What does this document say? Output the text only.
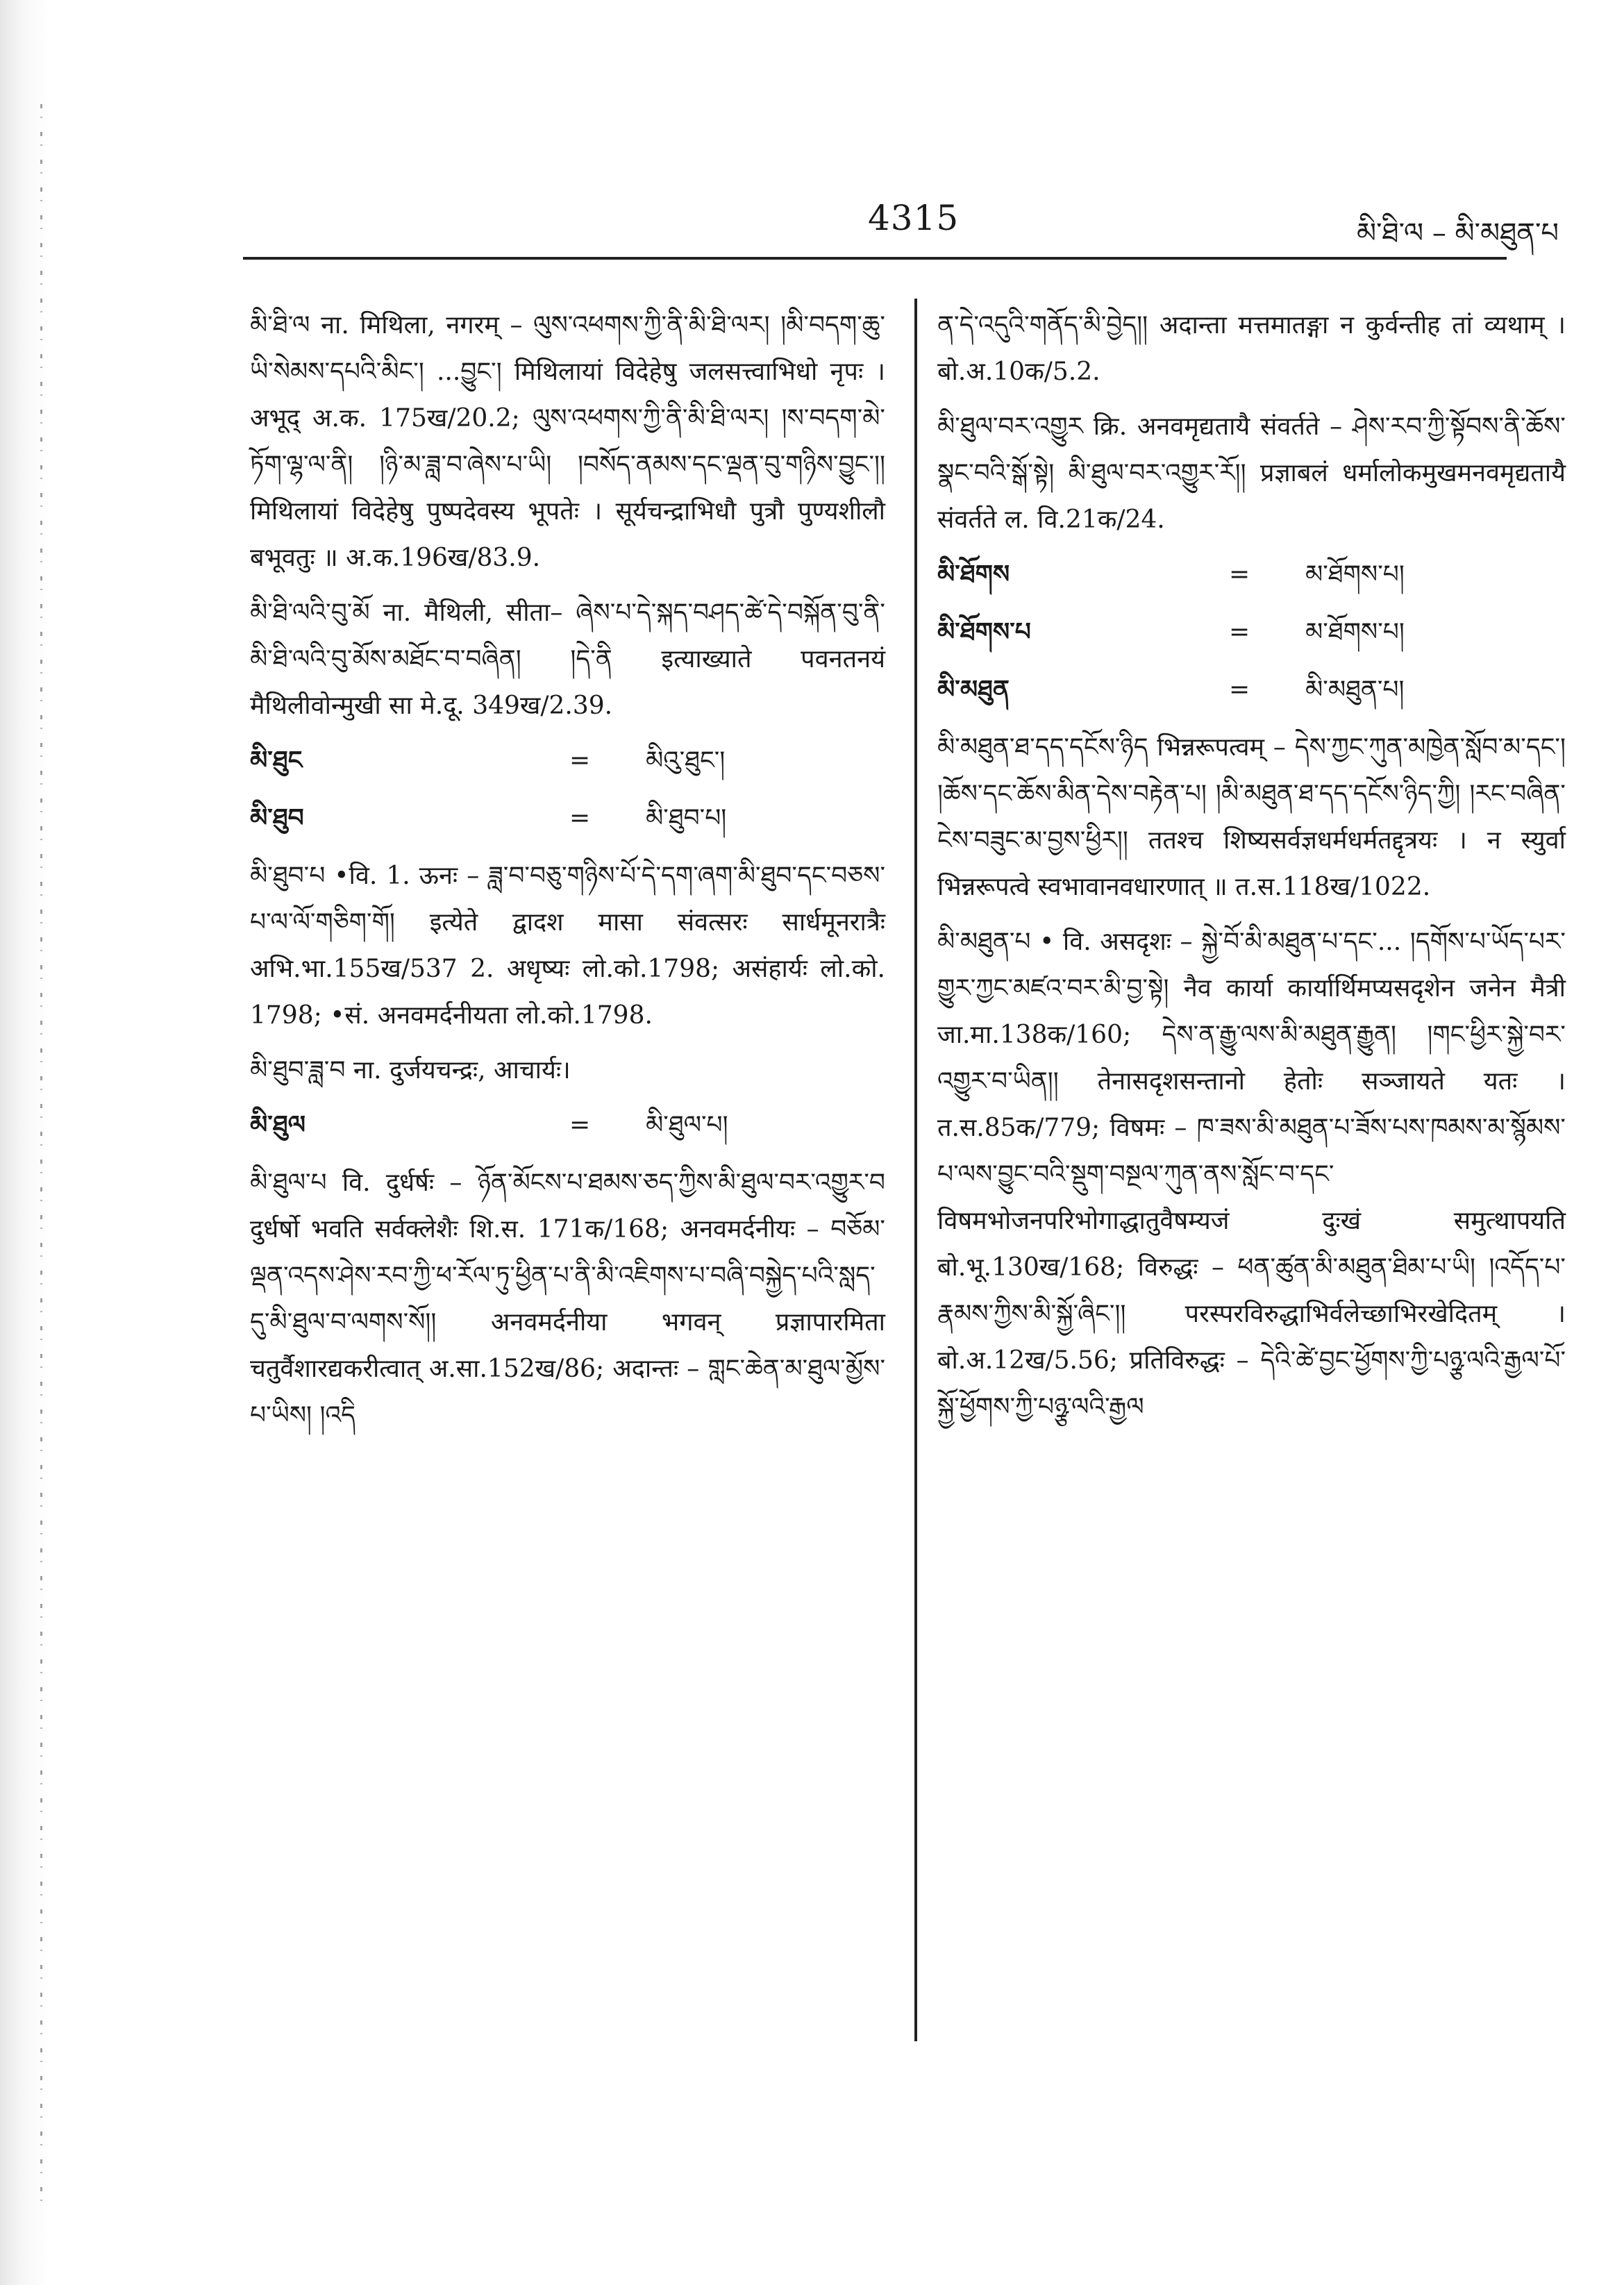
4315	མི་ཐི་ལ – མི་མཐུན་པ

མི་ཐི་ལ ना. मिथिला, नगरम् – ལུས་འཕགས་ཀྱི་ནི་མི་ཐི་ལར། །མི་བདག་ཆུ་ཡི་སེམས་དཔའི་མིང་། ...བྱུང་། मिथिलायां विदेहेषु जलसत्त्वाभिधो नृपः । अभूद् अ.क. 175ख/20.2; ལུས་འཕགས་ཀྱི་ནི་མི་ཐི་ལར། །ས་བདག་མེ་ཏོག་ལྷ་ལ་ནི། །ཉི་མ་ཟླ་བ་ཞེས་པ་ཡི། །བསོད་ནམས་དང་ལྡན་བུ་གཉིས་བྱུང་།། मिथिलायां विदेहेषु पुष्पदेवस्य भूपतेः । सूर्यचन्द्राभिधौ पुत्रौ पुण्यशीलौ बभूवतुः ॥ अ.क.196ख/83.9.

མི་ཐི་ལའི་བུ་མོ ना. मैथिली, सीता– ཞེས་པ་དེ་སྐད་བཤད་ཚེ་དེ་བསྐོན་བུ་ནི་མི་ཐི་ལའི་བུ་མོས་མཐོང་བ་བཞིན། །དེ་ནི इत्याख्याते पवनतनयं मैथिलीवोन्मुखी सा मे.दू. 349ख/2.39.

མི་ཐུང	=	མིའུ་ཐུང་།
མི་ཐུབ	=	མི་ཐུབ་པ།

མི་ཐུབ་པ •वि. 1. ऊनः – ཟླ་བ་བཅུ་གཉིས་པོ་དེ་དག་ཞག་མི་ཐུབ་དང་བཅས་པ་ལ་ལོ་གཅིག་གོ། इत्येते द्वादश मासा संवत्सरः सार्धमूनरात्रैः अभि.भा.155ख/537 2. अधृष्यः लो.को.1798; असंहार्यः लो.को. 1798; •सं. अनवमर्दनीयता लो.को.1798.

མི་ཐུབ་ཟླ་བ ना. दुर्जयचन्द्रः, आचार्यः।

མི་ཐུལ	=	མི་ཐུལ་པ།

མི་ཐུལ་པ वि. दुर्धर्षः – ཉོན་མོངས་པ་ཐམས་ཅད་ཀྱིས་མི་ཐུལ་བར་འགྱུར་བ दुर्धर्षो भवति सर्वक्लेशैः शि.स. 171क/168; अनवमर्दनीयः – བཅོམ་ལྡན་འདས་ཤེས་རབ་ཀྱི་ཕ་རོལ་ཏུ་ཕྱིན་པ་ནི་མི་འཇིགས་པ་བཞི་བསྐྱེད་པའི་སླད་དུ་མི་ཐུལ་བ་ལགས་སོ།། अनवमर्दनीया भगवन् प्रज्ञापारमिता चतुर्वैशारद्यकरीत्वात् अ.सा.152ख/86; अदान्तः – གླང་ཆེན་མ་ཐུལ་མྱོས་པ་ཡིས། །འདི

ན་དེ་འདུའི་གནོད་མི་བྱེད།། अदान्ता मत्तमातङ्गा न कुर्वन्तीह तां व्यथाम् । बो.अ.10क/5.2.

མི་ཐུལ་བར་འགྱུར क्रि. अनवमृद्यतायै संवर्तते – ཤེས་རབ་ཀྱི་སྟོབས་ནི་ཆོས་སྣང་བའི་སྒོ་སྟེ། མི་ཐུལ་བར་འགྱུར་རོ།། प्रज्ञाबलं धर्मालोकमुखमनवमृद्यतायै संवर्तते ल. वि.21क/24.

མི་ཐོགས	=	མ་ཐོགས་པ།
མི་ཐོགས་པ	=	མ་ཐོགས་པ།
མི་མཐུན	=	མི་མཐུན་པ།

མི་མཐུན་ཐ་དད་དངོས་ཉིད भिन्नरूपत्वम् – དེས་ཀྱང་ཀུན་མཁྱེན་སློབ་མ་དང་། །ཆོས་དང་ཆོས་མིན་དེས་བརྟེན་པ། །མི་མཐུན་ཐ་དད་དངོས་ཉིད་ཀྱི། །རང་བཞིན་ངེས་བཟུང་མ་བྱས་ཕྱིར།། ततश्च शिष्यसर्वज्ञधर्मधर्मतद्दृत्रयः । न स्युर्वा भिन्नरूपत्वे स्वभावानवधारणात् ॥ त.स.118ख/1022.

མི་མཐུན་པ • वि. असदृशः – སྐྱེ་བོ་མི་མཐུན་པ་དང་... །དགོས་པ་ཡོད་པར་གྱུར་ཀྱང་མཛའ་བར་མི་བྱ་སྟེ། नैव कार्या कार्यार्थिमप्यसदृशेन जनेन मैत्री जा.मा.138क/160; དེས་ན་རྒྱུ་ལས་མི་མཐུན་རྒྱུན། །གང་ཕྱིར་སྐྱེ་བར་འགྱུར་བ་ཡིན།། तेनासदृशसन्तानो हेतोः सञ्जायते यतः । त.स.85क/779; विषमः – ཁ་ཟས་མི་མཐུན་པ་ཟོས་པས་ཁམས་མ་སྙོམས་པ་ལས་བྱུང་བའི་སྡུག་བསྔལ་ཀུན་ནས་སློང་བ་དང་ विषमभोजनपरिभोगाद्धातुवैषम्यजं दुःखं समुत्थापयति बो.भू.130ख/168; विरुद्धः – ཕན་ཚུན་མི་མཐུན་ཐིམ་པ་ཡི། །འདོད་པ་རྣམས་ཀྱིས་མི་སྐྱོ་ཞིང་།། परस्परविरुद्धाभिर्वलेच्छाभिरखेदितम् । बो.अ.12ख/5.56; प्रतिविरुद्धः – དེའི་ཚེ་བྱང་ཕྱོགས་ཀྱི་པཉྩ་ལའི་རྒྱལ་པོ་སྐྱོ་ཕྱོགས་ཀྱི་པཉྩ་ལའི་རྒྱལ
